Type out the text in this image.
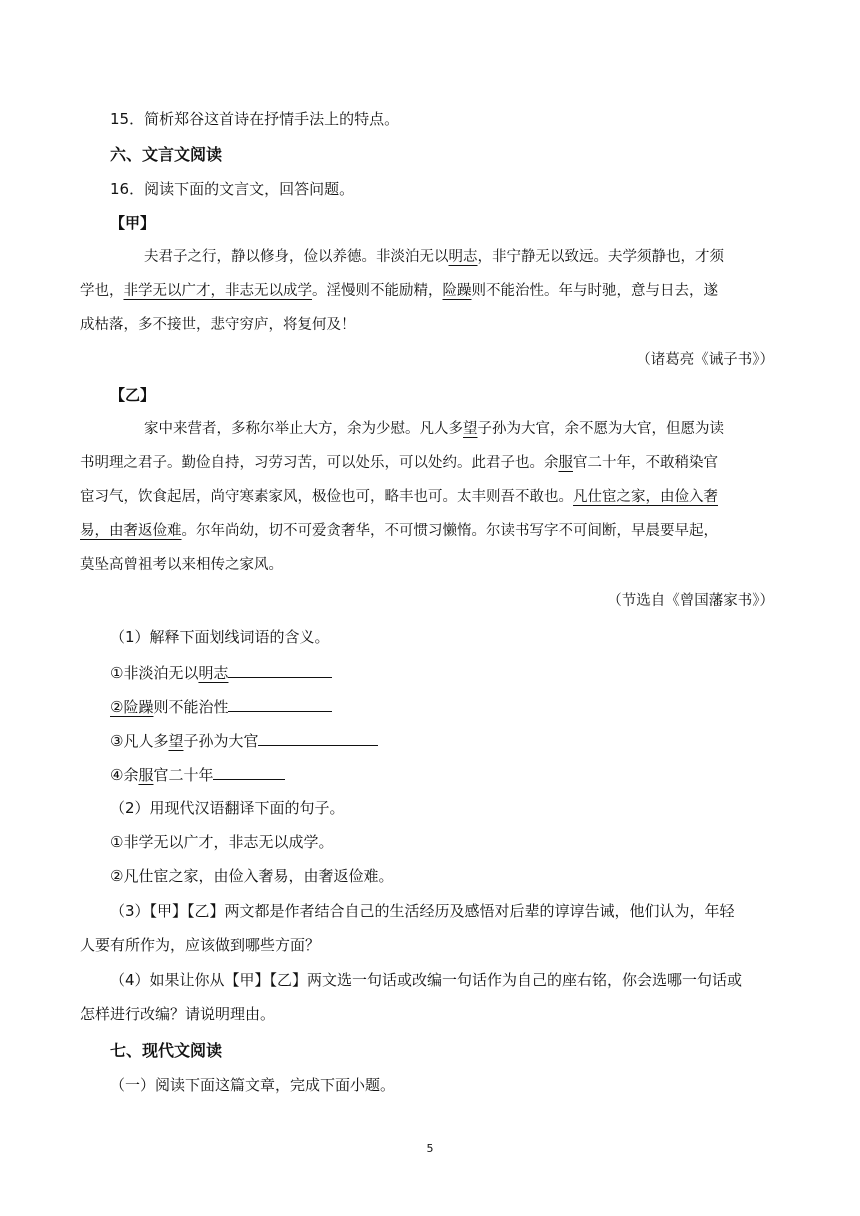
15．简析郑谷这首诗在抒情手法上的特点。
六、文言文阅读
16．阅读下面的文言文，回答问题。
【甲】
夫君子之行，静以修身，俭以养德。非淡泊无以明志，非宁静无以致远。夫学须静也，才须
学也，非学无以广才，非志无以成学。淫慢则不能励精，险躁则不能治性。年与时驰，意与日去，遂
成枯落，多不接世，悲守穷庐，将复何及！
（诸葛亮《诫子书》）
【乙】
家中来营者，多称尔举止大方，余为少慰。凡人多望子孙为大官，余不愿为大官，但愿为读
书明理之君子。勤俭自持，习劳习苦，可以处乐，可以处约。此君子也。余服官二十年，不敢稍染官
宦习气，饮食起居，尚守寒素家风，极俭也可，略丰也可。太丰则吾不敢也。凡仕宦之家，由俭入奢
易，由奢返俭难。尔年尚幼，切不可爱贪奢华，不可惯习懒惰。尔读书写字不可间断，早晨要早起，
莫坠高曾祖考以来相传之家风。
（节选自《曾国藩家书》）
（1）解释下面划线词语的含义。
①非淡泊无以明志
②险躁则不能治性
③凡人多望子孙为大官
④余服官二十年
（2）用现代汉语翻译下面的句子。
①非学无以广才，非志无以成学。
②凡仕宦之家，由俭入奢易，由奢返俭难。
（3）【甲】【乙】两文都是作者结合自己的生活经历及感悟对后辈的谆谆告诫，他们认为，年轻
人要有所作为，应该做到哪些方面？
（4）如果让你从【甲】【乙】两文选一句话或改编一句话作为自己的座右铭，你会选哪一句话或
怎样进行改编？请说明理由。
七、现代文阅读
（一）阅读下面这篇文章，完成下面小题。
5
